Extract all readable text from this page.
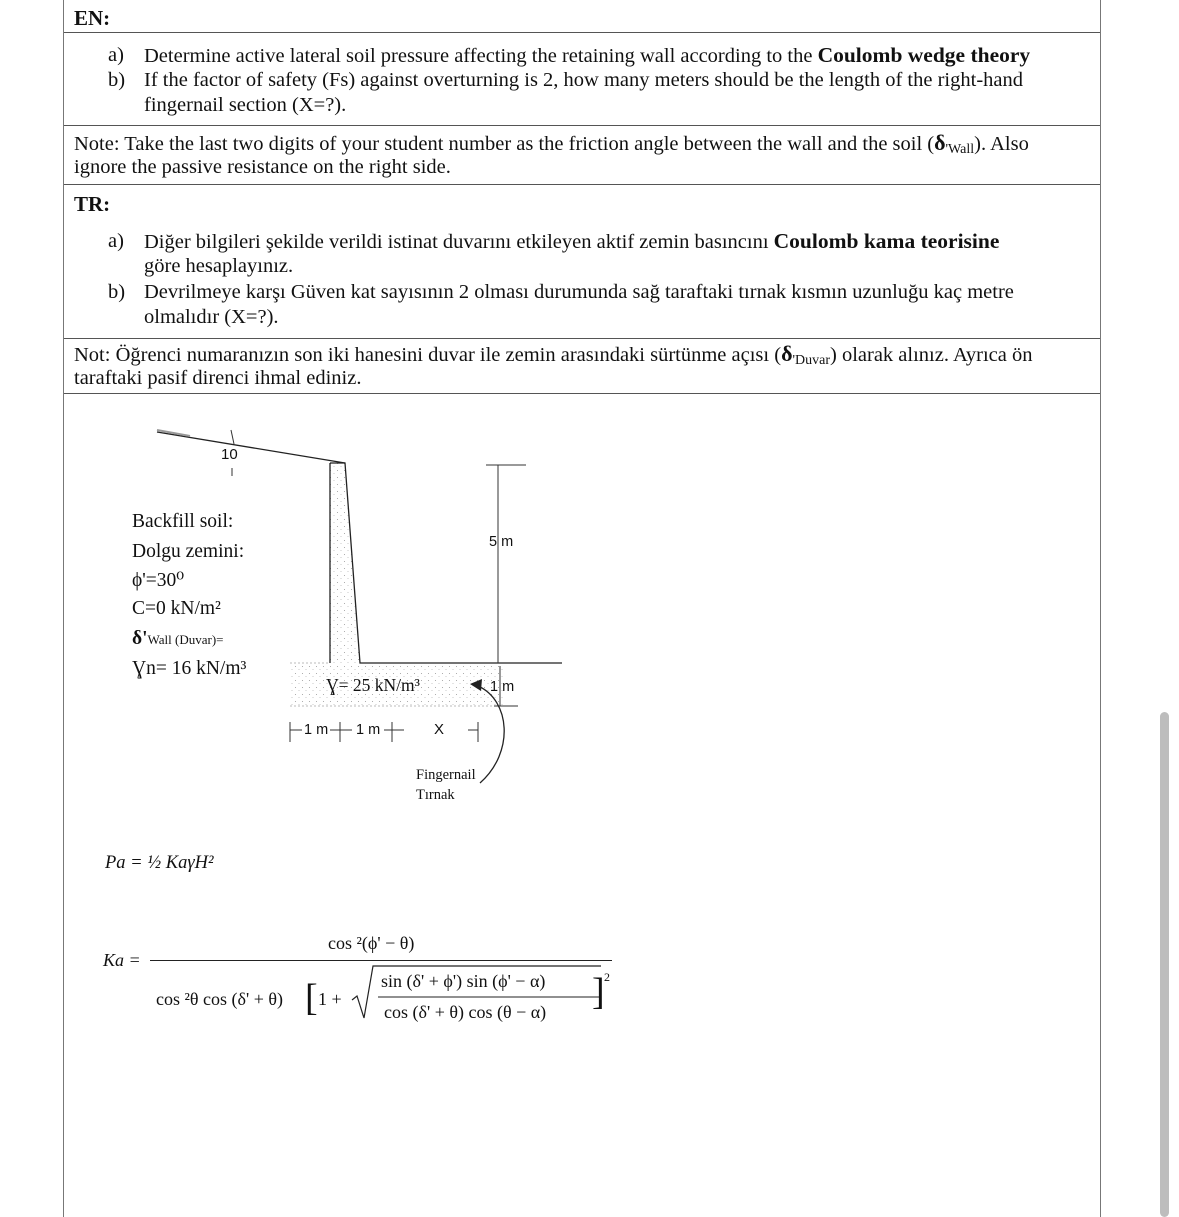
EN:
a) Determine active lateral soil pressure affecting the retaining wall according to the Coulomb wedge theory
b) If the factor of safety (Fs) against overturning is 2, how many meters should be the length of the right-hand
fingernail section (X=?).
Note: Take the last two digits of your student number as the friction angle between the wall and the soil $(\delta_{'Wall})$. Also
ignore the passive resistance on the right side.
TR:
a) Diğer bilgileri şekilde verildi istinat duvarını etkileyen aktif zemin basıncını Coulomb kama teorisine
göre hesaplayınız.
b) Devrilmeye karşı Güven kat sayısının 2 olması durumunda sağ taraftaki tırnak kısmın uzunluğu kaç metre
olmalıdır (X=?).
Not: Öğrenci numaranızın son iki hanesini duvar ile zemin arasındaki sürtünme açısı $(\delta_{'Duvar})$ olarak alınız. Ayrıca ön
taraftaki pasif direnci ihmal ediniz.
10
Backfill soil:
Dolgu zemini:
ϕ'=30⁰
C=0 kN/m²
δ'Wall (Duvar)=
Ɣn= 16 kN/m³
Ɣ= 25 kN/m³
5 m
1 m
1 m 1 m	X
Fingernail
Tırnak
Pa = ½ KaγH²
Ka =
cos ²(ϕ' − θ)
cos ²θ cos (δ' + θ) [ 1 +
sin (δ' + ϕ') sin (ϕ' − α)
cos (δ' + θ) cos (θ − α) ] 2
